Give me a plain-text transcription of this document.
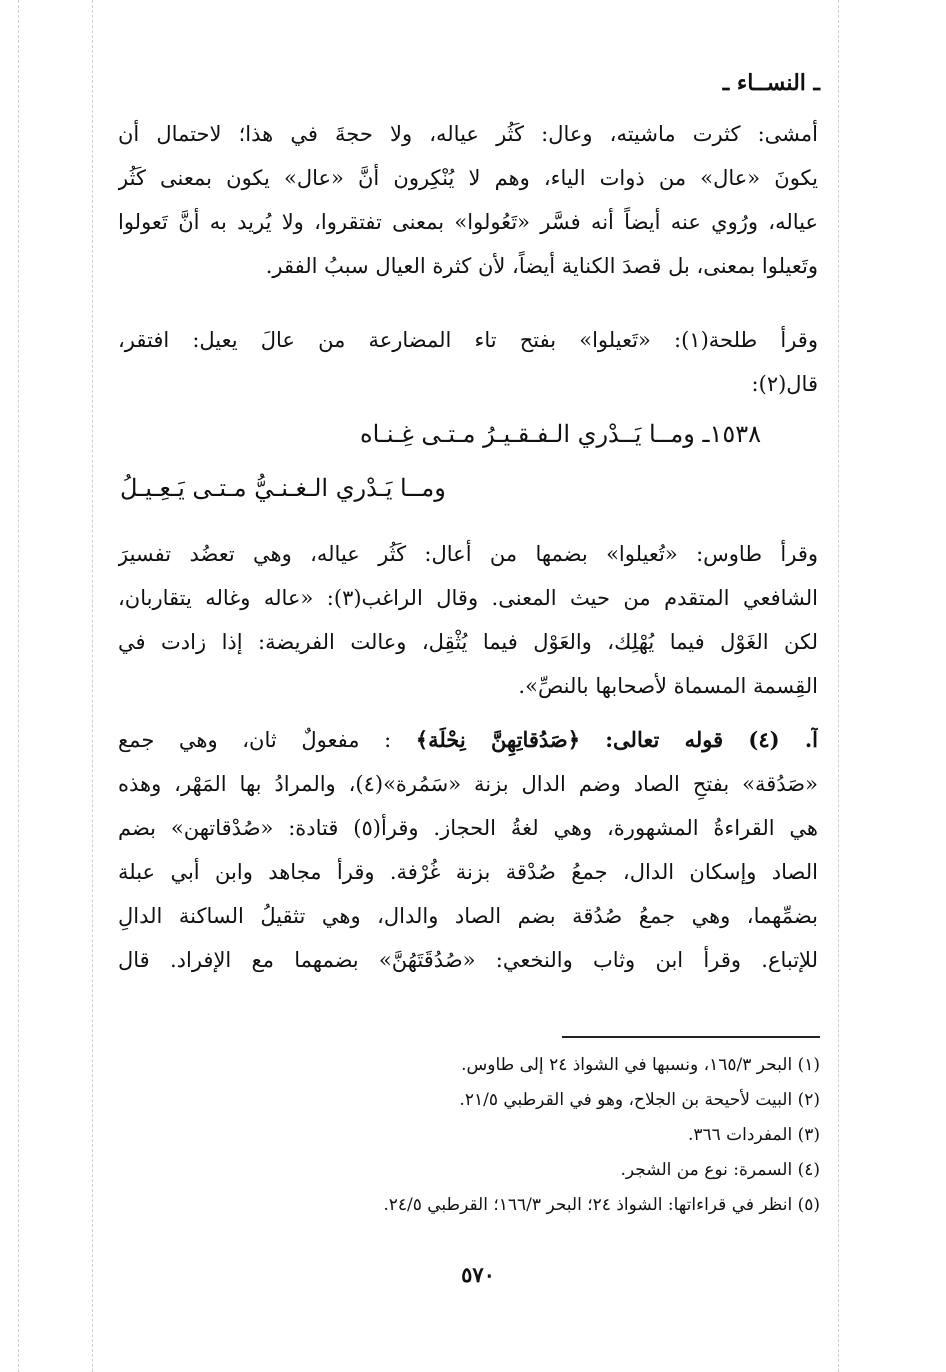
ـ النســاء ـ
أمشى: كثرت ماشيته، وعال: كَثُر عياله، ولا حجةَ في هذا؛ لاحتمال أن
يكونَ «عال» من ذوات الياء، وهم لا يُنْكِرون أنَّ «عال» يكون بمعنى كَثُر
عياله، ورُوي عنه أيضاً أنه فسَّر «تَعُولوا» بمعنى تفتقروا، ولا يُريد به أنَّ تَعولوا
وتَعيلوا بمعنى، بل قصدَ الكناية أيضاً، لأن كثرة العيال سببُ الفقر.
وقرأ طلحة(١): «تَعيلوا» بفتح تاء المضارعة من عالَ يعيل: افتقر،
قال(٢):
١٥٣٨ـ ومــا يَــدْري الـفـقـيـرُ مـتـى غِـنـاه
ومــا يَـدْري الـغـنـيُّ مـتـى يَـعِـيـلُ
وقرأ طاوس: «تُعيلوا» بضمها من أعال: كَثُر عياله، وهي تعضُد تفسيرَ
الشافعي المتقدم من حيث المعنى. وقال الراغب(٣): «عاله وغاله يتقاربان،
لكن الغَوْل فيما يُهْلِك، والعَوْل فيما يُثْقِل، وعالت الفريضة: إذا زادت في
القِسمة المسماة لأصحابها بالنصِّ».
آ. (٤) قوله تعالى: ﴿صَدُقاتِهِنَّ نِحْلَة﴾ : مفعولٌ ثان، وهي جمع
«صَدُقة» بفتحِ الصاد وضم الدال بزنة «سَمُرة»(٤)، والمرادُ بها المَهْر، وهذه
هي القراءةُ المشهورة، وهي لغةُ الحجاز. وقرأ(٥) قتادة: «صُدْقاتهن» بضم
الصاد وإسكان الدال، جمعُ صُدْقة بزنة غُرْفة. وقرأ مجاهد وابن أبي عبلة
بضمِّهما، وهي جمعُ صُدُقة بضم الصاد والدال، وهي تثقيلُ الساكنة الدالِ
للإتباع. وقرأ ابن وثاب والنخعي: «صُدُقَتَهُنَّ» بضمهما مع الإفراد. قال
(١) البحر ١٦٥/٣، ونسبها في الشواذ ٢٤ إلى طاوس.
(٢) البيت لأحيحة بن الجلاح، وهو في القرطبي ٢١/٥.
(٣) المفردات ٣٦٦.
(٤) السمرة: نوع من الشجر.
(٥) انظر في قراءاتها: الشواذ ٢٤؛ البحر ١٦٦/٣؛ القرطبي ٢٤/٥.
٥٧٠
